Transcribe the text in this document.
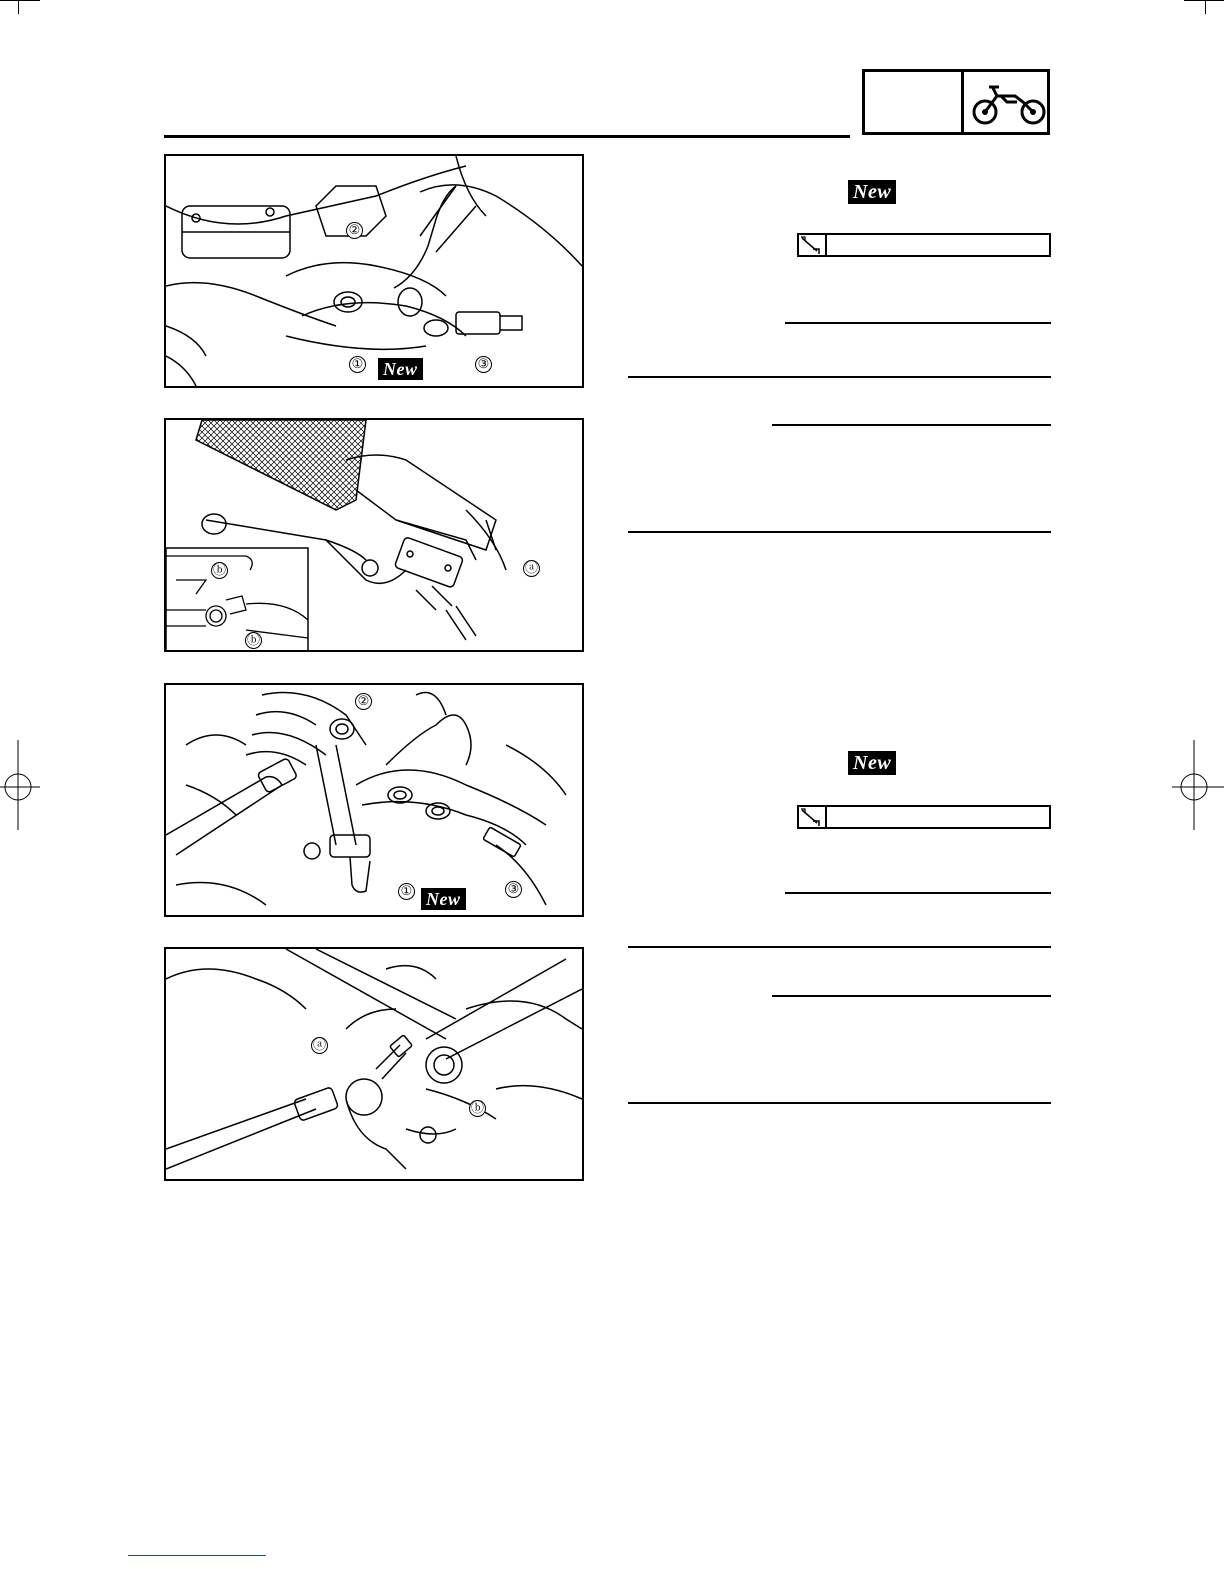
②
①	③
New
New
ⓐ
ⓑ
ⓑ
②
①	③
New
New
ⓐ
ⓑ
